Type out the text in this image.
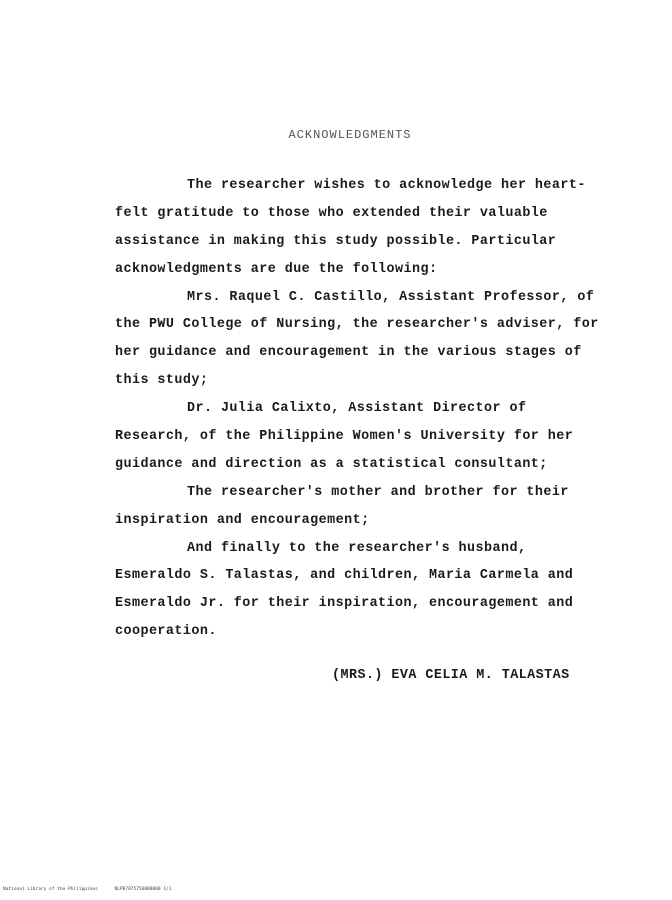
ACKNOWLEDGMENTS
The researcher wishes to acknowledge her heart-
felt gratitude to those who extended their valuable
assistance in making this study possible. Particular
acknowledgments are due the following:
Mrs. Raquel C. Castillo, Assistant Professor, of
the PWU College of Nursing, the researcher's adviser, for
her guidance and encouragement in the various stages of
this study;
Dr. Julia Calixto, Assistant Director of
Research, of the Philippine Women's University for her
guidance and direction as a statistical consultant;
The researcher's mother and brother for their
inspiration and encouragement;
And finally to the researcher's husband,
Esmeraldo S. Talastas, and children, Maria Carmela and
Esmeraldo Jr. for their inspiration, encouragement and
cooperation.
(MRS.) EVA CELIA M. TALASTAS
National Library of the Philippines	NLP07075756000000 1/1
